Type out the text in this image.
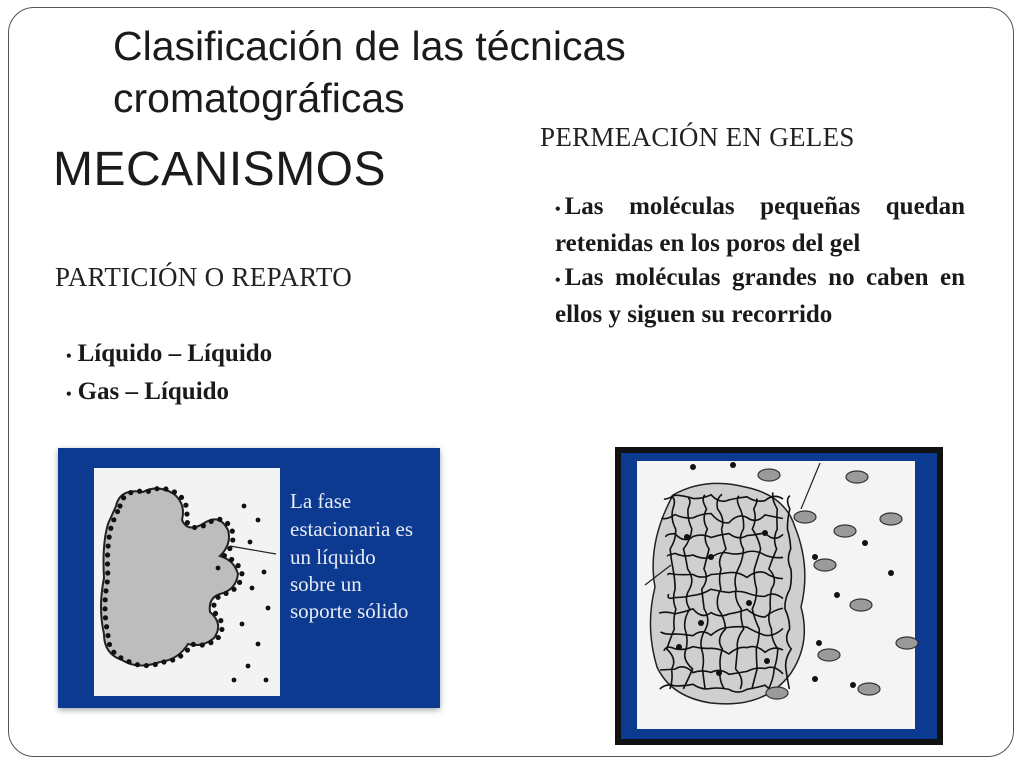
Clasificación de las técnicas cromatográficas
PERMEACIÓN EN GELES
MECANISMOS
• Las moléculas pequeñas quedan retenidas en los poros del gel
• Las moléculas grandes no caben en ellos y siguen su recorrido
PARTICIÓN O REPARTO
• Líquido – Líquido
• Gas – Líquido
La fase
estacionaria es
un líquido
sobre un
soporte sólido
